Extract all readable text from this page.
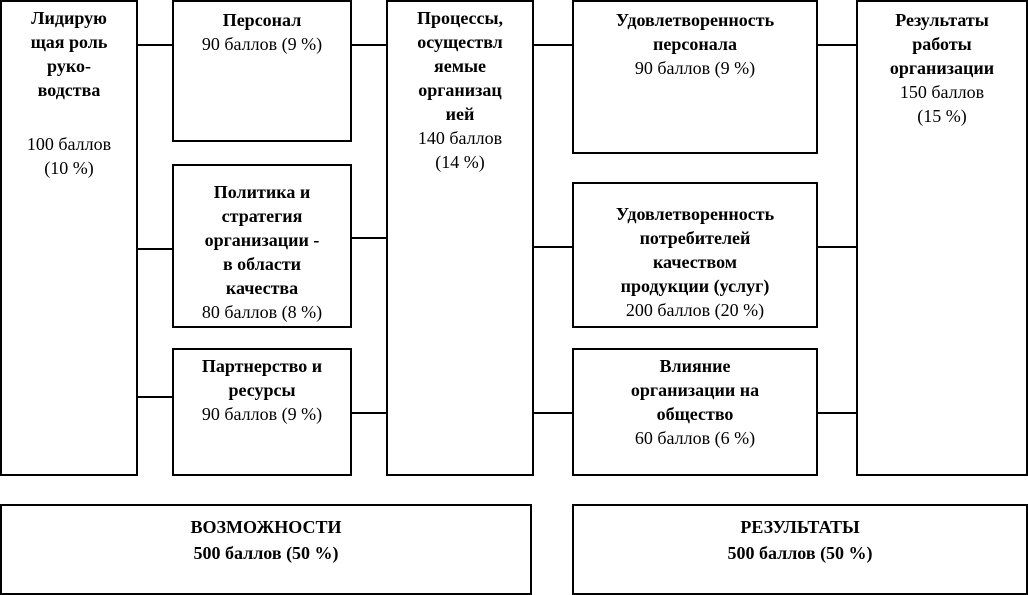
Лидирую
щая роль
руко-
водства
100 баллов
(10 %)
Персонал
90 баллов (9 %)
Политика и
стратегия
организации -
в области
качества
80 баллов (8 %)
Партнерство и
ресурсы
90 баллов (9 %)
Процессы,
осуществл
яемые
организац
ией
140 баллов
(14 %)
Удовлетворенность
персонала
90 баллов (9 %)
Удовлетворенность
потребителей
качеством
продукции (услуг)
200 баллов (20 %)
Влияние
организации на
общество
60 баллов (6 %)
Результаты
работы
организации
150 баллов
(15 %)
ВОЗМОЖНОСТИ
500 баллов (50 %)
РЕЗУЛЬТАТЫ
500 баллов (50 %)
